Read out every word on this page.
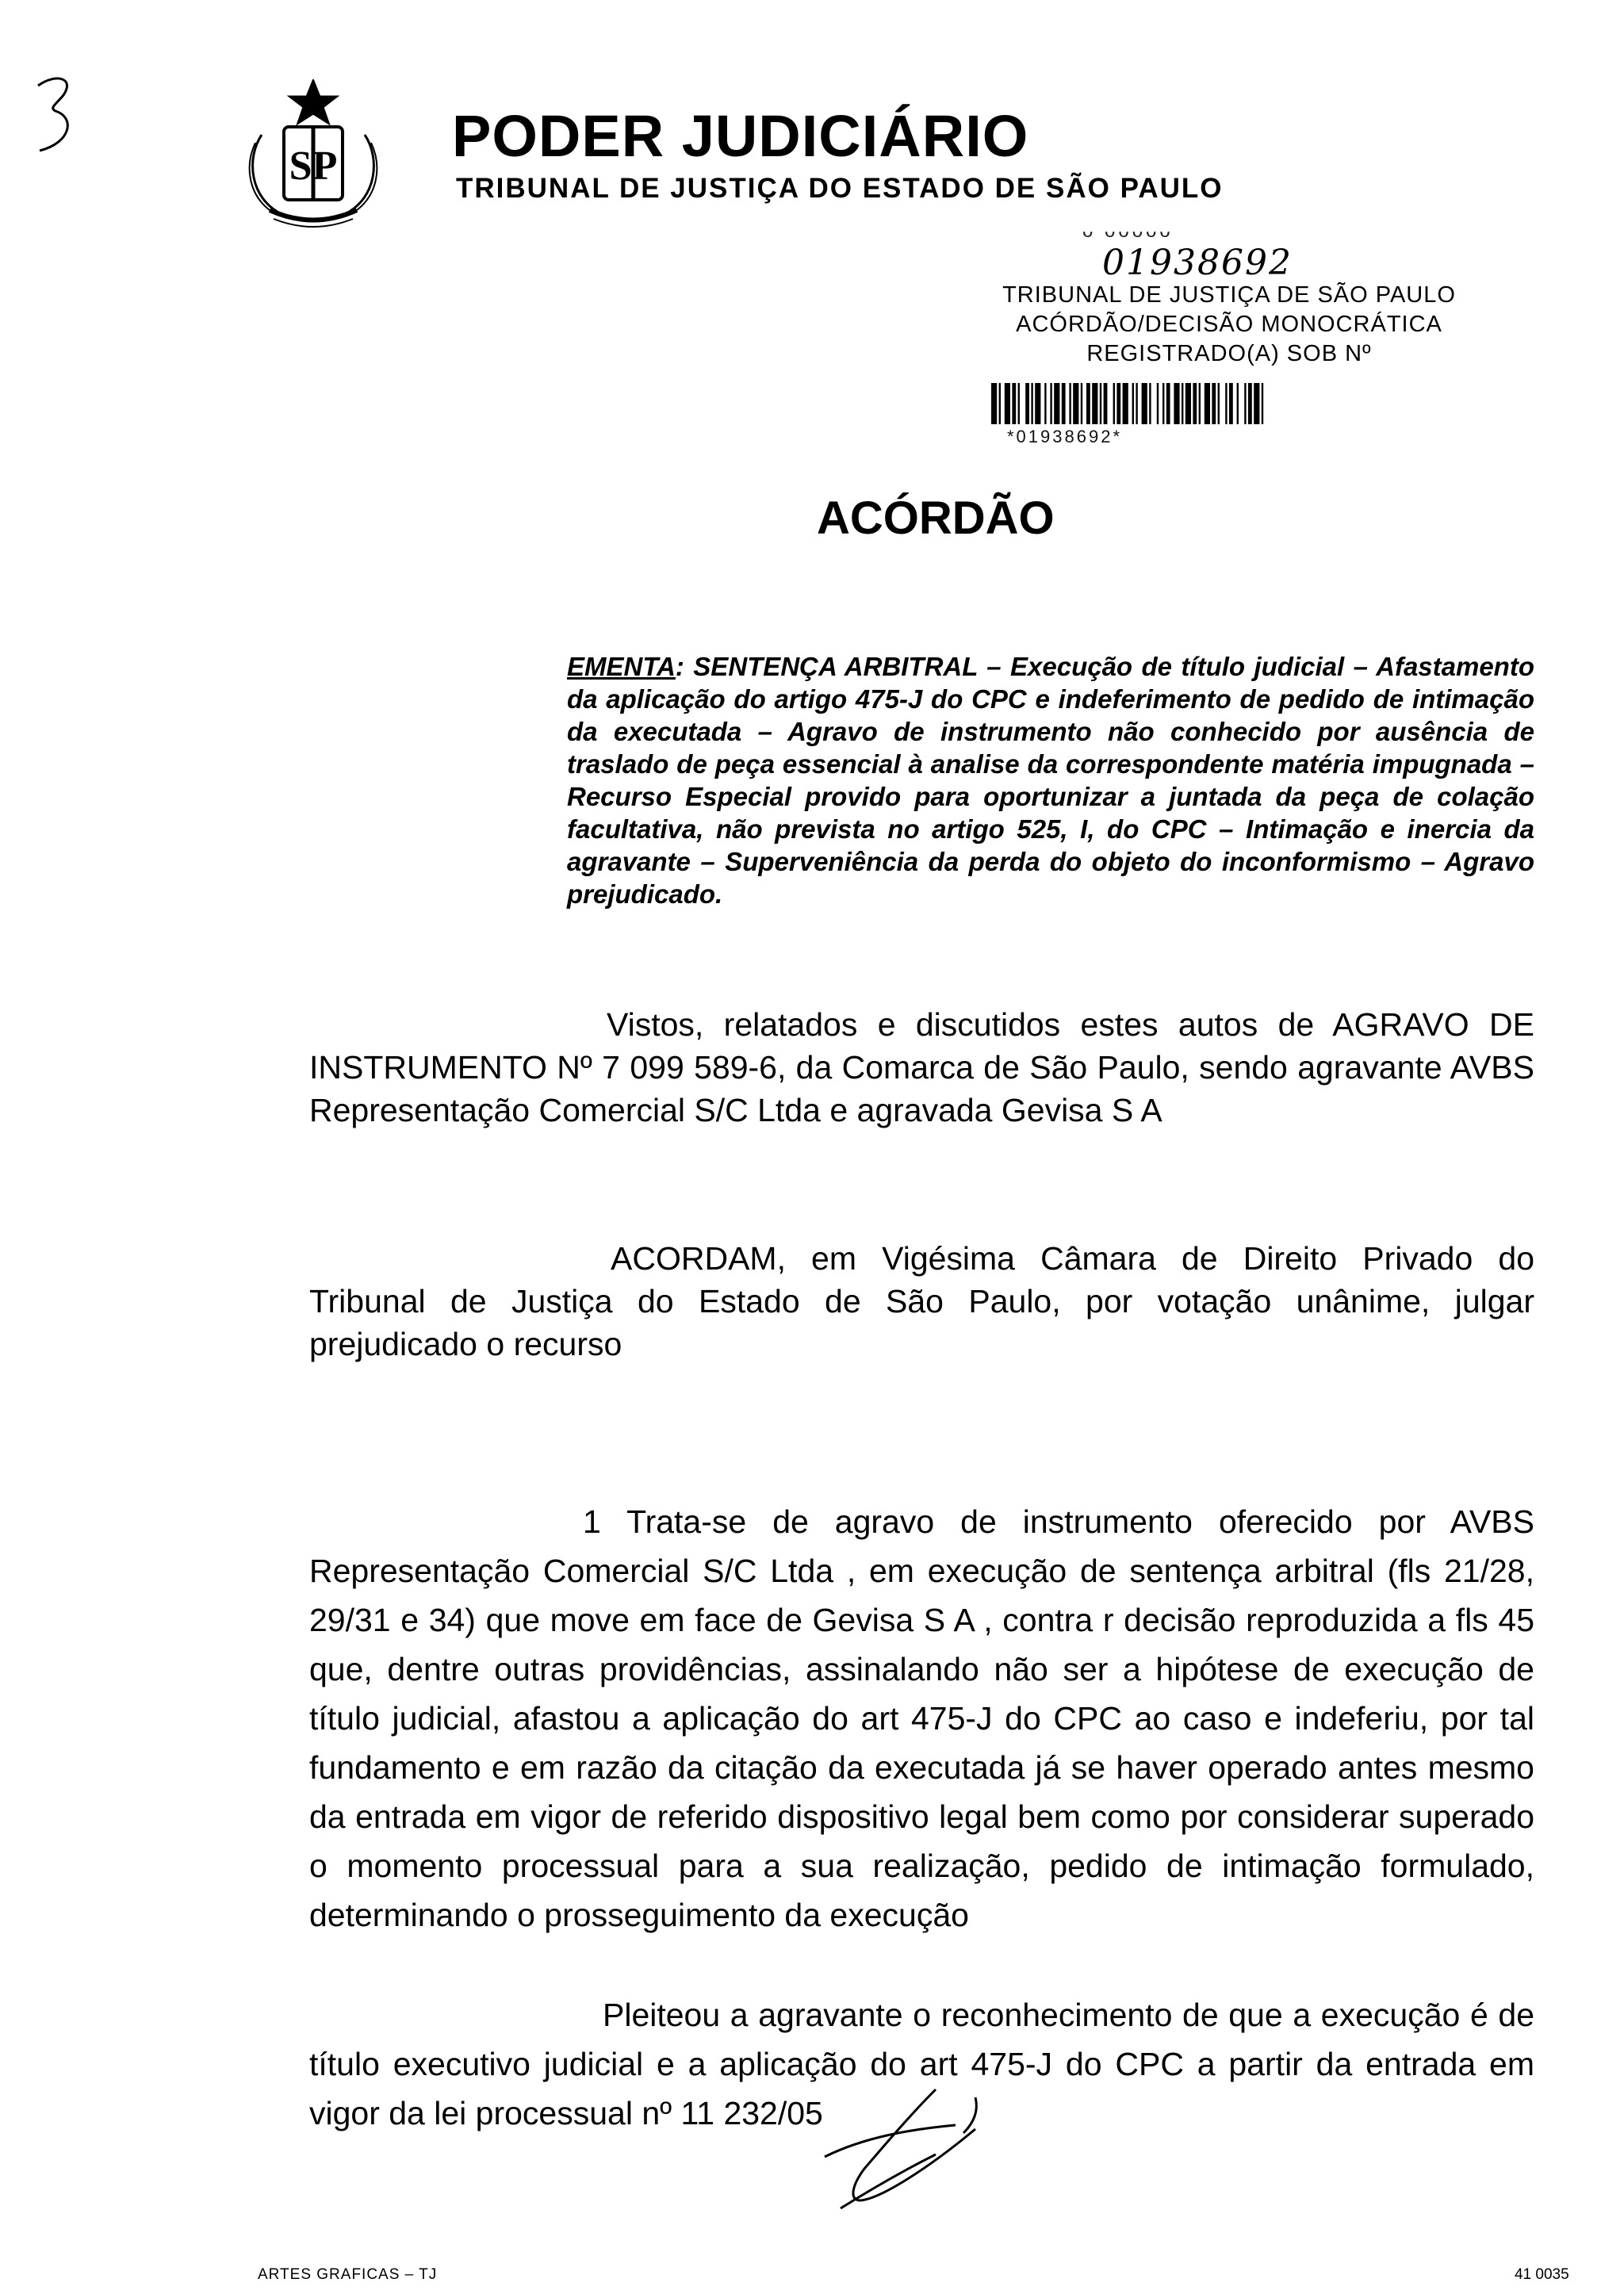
SP PODER JUDICIÁRIO
TRIBUNAL DE JUSTIÇA DO ESTADO DE SÃO PAULO
ᴗ ᴗᴗᴗᴗᴗ
01938692
TRIBUNAL DE JUSTIÇA DE SÃO PAULO
ACÓRDÃO/DECISÃO MONOCRÁTICA
REGISTRADO(A) SOB Nº
*01938692*
ACÓRDÃO
EMENTA: SENTENÇA ARBITRAL – Execução de título judicial – Afastamento da aplicação do artigo 475-J do CPC e indeferimento de pedido de intimação da executada – Agravo de instrumento não conhecido por ausência de traslado de peça essencial à analise da correspondente matéria impugnada – Recurso Especial provido para oportunizar a juntada da peça de colação facultativa, não prevista no artigo 525, I, do CPC – Intimação e inercia da agravante – Superveniência da perda do objeto do inconformismo – Agravo prejudicado.
Vistos, relatados e discutidos estes autos de AGRAVO DE INSTRUMENTO Nº 7 099 589-6, da Comarca de São Paulo, sendo agravante AVBS Representação Comercial S/C Ltda e agravada Gevisa S A
ACORDAM, em Vigésima Câmara de Direito Privado do Tribunal de Justiça do Estado de São Paulo, por votação unânime, julgar prejudicado o recurso
1 Trata-se de agravo de instrumento oferecido por AVBS Representação Comercial S/C Ltda , em execução de sentença arbitral (fls 21/28, 29/31 e 34) que move em face de Gevisa S A , contra r decisão reproduzida a fls 45 que, dentre outras providências, assinalando não ser a hipótese de execução de título judicial, afastou a aplicação do art 475-J do CPC ao caso e indeferiu, por tal fundamento e em razão da citação da executada já se haver operado antes mesmo da entrada em vigor de referido dispositivo legal bem como por considerar superado o momento processual para a sua realização, pedido de intimação formulado, determinando o prosseguimento da execução
Pleiteou a agravante o reconhecimento de que a execução é de título executivo judicial e a aplicação do art 475-J do CPC a partir da entrada em vigor da lei processual nº 11 232/05
ARTES GRAFICAS – TJ	41 0035
